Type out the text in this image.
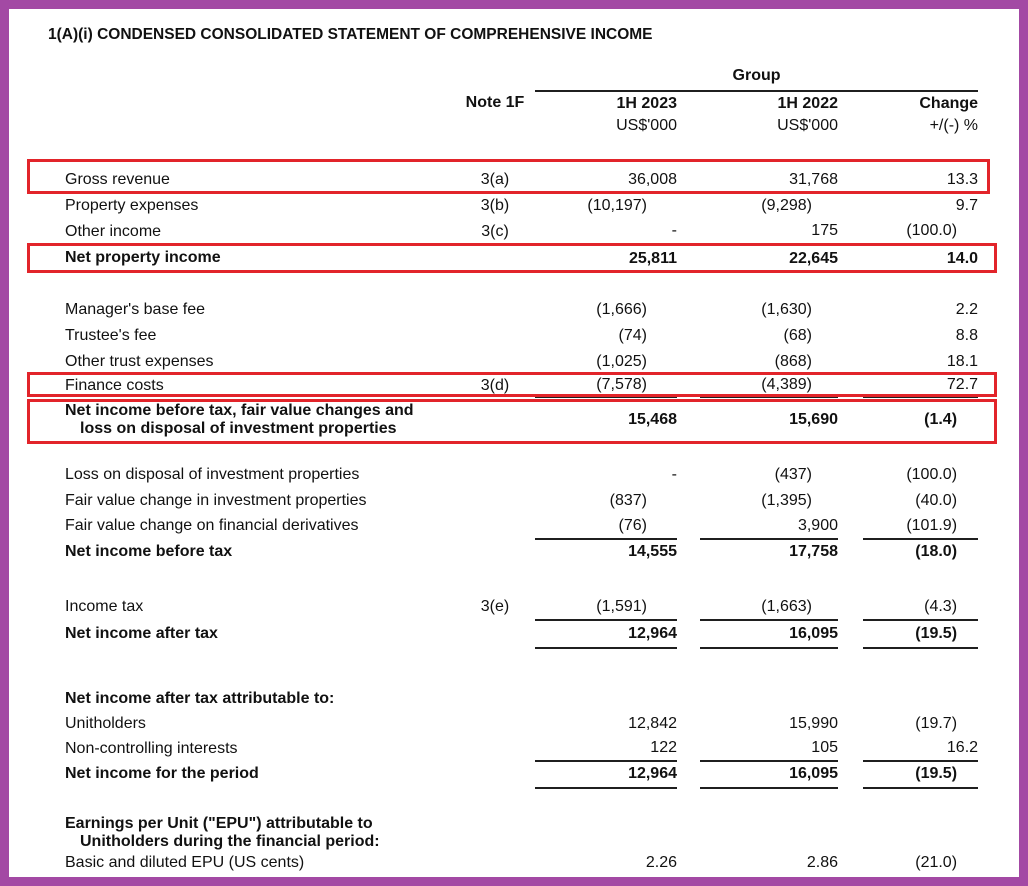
1(A)(i) CONDENSED CONSOLIDATED STATEMENT OF COMPREHENSIVE INCOME
		Group				
	Note 1F	1H 2023		1H 2022		Change
		US$'000		US$'000		+/(-) %

Gross revenue	3(a)	36,008		31,768		13.3
Property expenses	3(b)	(10,197)		(9,298)		9.7
Other income	3(c)	-		175		(100.0)
Net property income		25,811		22,645		14.0

Manager's base fee		(1,666)		(1,630)		2.2
Trustee's fee		(74)		(68)		8.8
Other trust expenses		(1,025)		(868)		18.1
Finance costs	3(d)	(7,578)		(4,389)		72.7

Net income before tax, fair value changes and
loss on disposal of investment properties		15,468		15,690		(1.4)

Loss on disposal of investment properties		-		(437)		(100.0)
Fair value change in investment properties		(837)		(1,395)		(40.0)
Fair value change on financial derivatives		(76)		3,900		(101.9)
Net income before tax		14,555		17,758		(18.0)

Income tax	3(e)	(1,591)		(1,663)		(4.3)
Net income after tax		12,964		16,095		(19.5)

Net income after tax attributable to:						
Unitholders		12,842		15,990		(19.7)
Non-controlling interests		122		105		16.2
Net income for the period		12,964		16,095		(19.5)

Earnings per Unit ("EPU") attributable to
Unitholders during the financial period:						

Basic and diluted EPU (US cents)		2.26		2.86		(21.0)
